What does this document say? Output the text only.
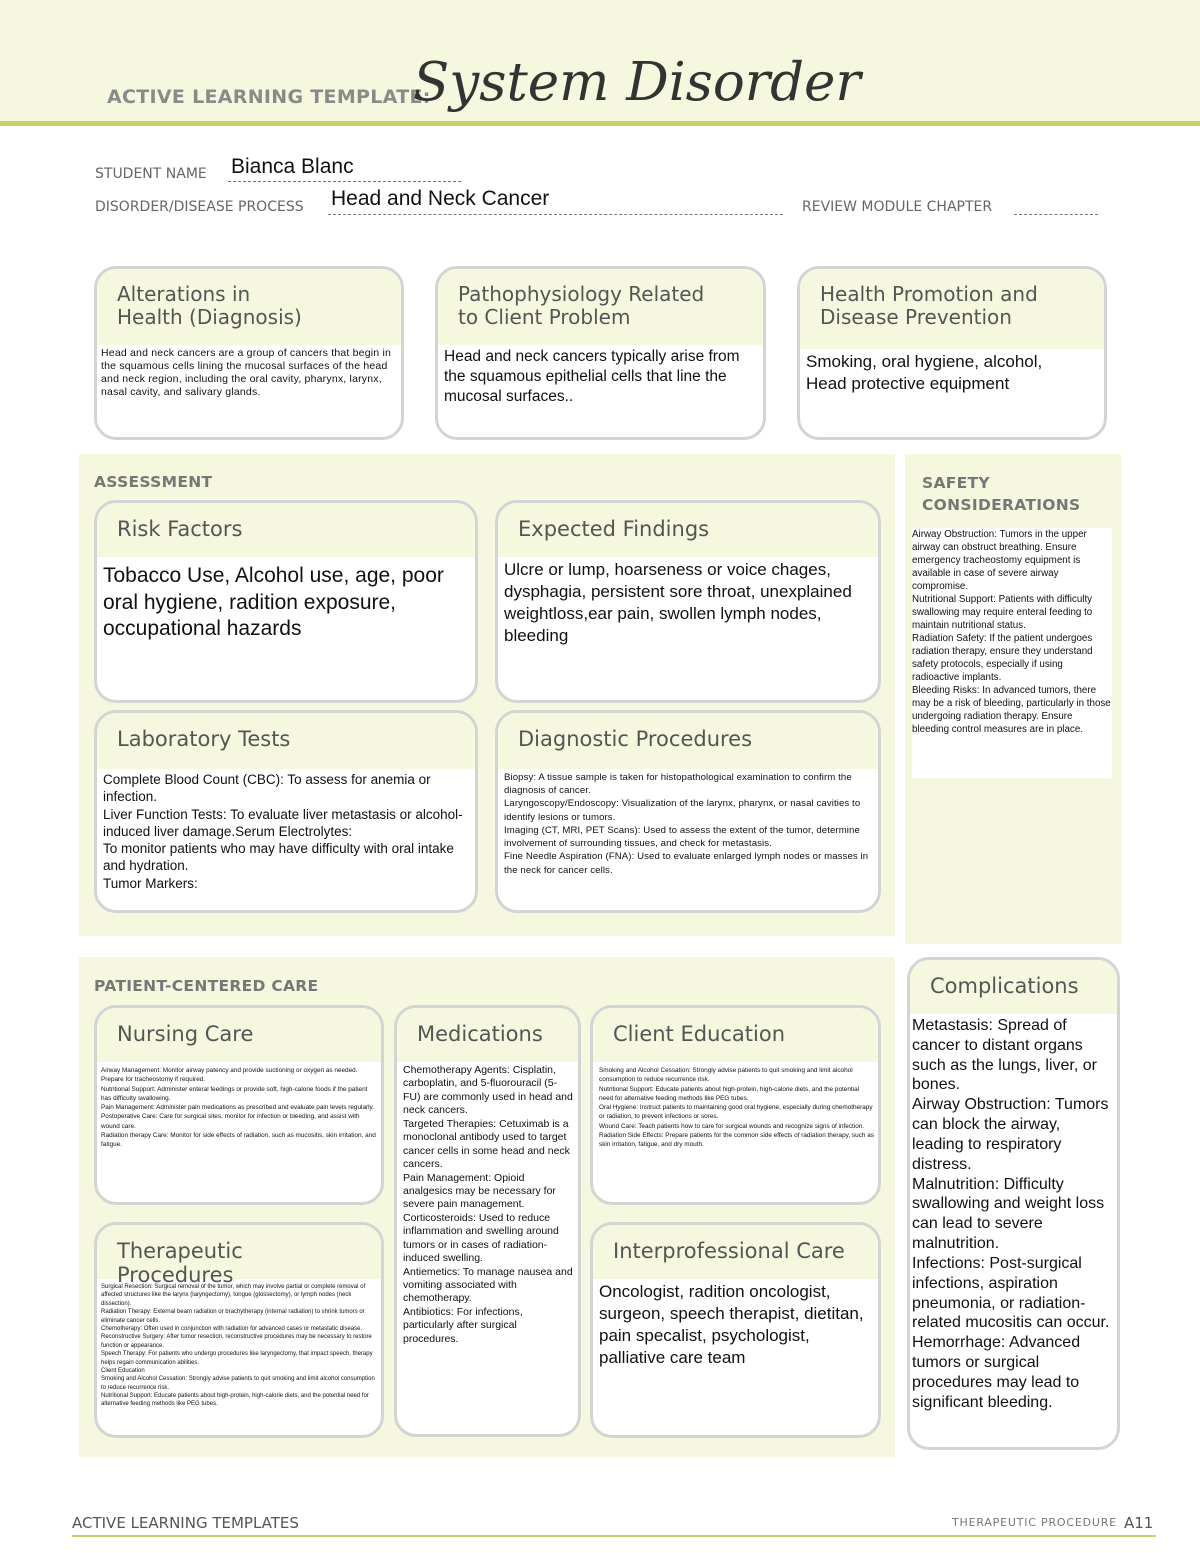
ACTIVE LEARNING TEMPLATE:
System Disorder
STUDENT NAME Bianca Blanc
DISORDER/DISEASE PROCESS Head and Neck Cancer	REVIEW MODULE CHAPTER
Alterations in
Health (Diagnosis)
Head and neck cancers are a group of cancers that begin in the squamous cells lining the mucosal surfaces of the head and neck region, including the oral cavity, pharynx, larynx, nasal cavity, and salivary glands.
Pathophysiology Related
to Client Problem
Head and neck cancers typically arise from the squamous epithelial cells that line the mucosal surfaces..
Health Promotion and
Disease Prevention
Smoking, oral hygiene, alcohol,
Head protective equipment
ASSESSMENT
Risk Factors
Tobacco Use, Alcohol use, age, poor oral hygiene, radition exposure, occupational hazards
Expected Findings
Ulcre or lump, hoarseness or voice chages, dysphagia, persistent sore throat, unexplained weightloss,ear pain, swollen lymph nodes, bleeding
Laboratory Tests
Complete Blood Count (CBC): To assess for anemia or infection.
Liver Function Tests: To evaluate liver metastasis or alcohol-induced liver damage.Serum Electrolytes:
To monitor patients who may have difficulty with oral intake and hydration.
Tumor Markers:
Diagnostic Procedures
Biopsy: A tissue sample is taken for histopathological examination to confirm the diagnosis of cancer.
Laryngoscopy/Endoscopy: Visualization of the larynx, pharynx, or nasal cavities to identify lesions or tumors.
Imaging (CT, MRI, PET Scans): Used to assess the extent of the tumor, determine involvement of surrounding tissues, and check for metastasis.
Fine Needle Aspiration (FNA): Used to evaluate enlarged lymph nodes or masses in the neck for cancer cells.
SAFETY
CONSIDERATIONS
Airway Obstruction: Tumors in the upper airway can obstruct breathing. Ensure emergency tracheostomy equipment is available in case of severe airway compromise.
Nutritional Support: Patients with difficulty swallowing may require enteral feeding to maintain nutritional status.
Radiation Safety: If the patient undergoes radiation therapy, ensure they understand safety protocols, especially if using radioactive implants.
Bleeding Risks: In advanced tumors, there may be a risk of bleeding, particularly in those undergoing radiation therapy. Ensure bleeding control measures are in place.
PATIENT-CENTERED CARE
Nursing Care
Airway Management: Monitor airway patency and provide suctioning or oxygen as needed. Prepare for tracheostomy if required.
Nutritional Support: Administer enteral feedings or provide soft, high-calorie foods if the patient has difficulty swallowing.
Pain Management: Administer pain medications as prescribed and evaluate pain levels regularly.
Postoperative Care: Care for surgical sites, monitor for infection or bleeding, and assist with wound care.
Radiation therapy Care: Monitor for side effects of radiation, such as mucositis, skin irritation, and fatigue.
Medications
Chemotherapy Agents: Cisplatin, carboplatin, and 5-fluorouracil (5-FU) are commonly used in head and neck cancers.
Targeted Therapies: Cetuximab is a monoclonal antibody used to target cancer cells in some head and neck cancers.
Pain Management: Opioid analgesics may be necessary for severe pain management.
Corticosteroids: Used to reduce inflammation and swelling around tumors or in cases of radiation-induced swelling.
Antiemetics: To manage nausea and vomiting associated with chemotherapy.
Antibiotics: For infections, particularly after surgical procedures.
Client Education
Smoking and Alcohol Cessation: Strongly advise patients to quit smoking and limit alcohol consumption to reduce recurrence risk.
Nutritional Support: Educate patients about high-protein, high-calorie diets, and the potential need for alternative feeding methods like PEG tubes.
Oral Hygiene: Instruct patients to maintaining good oral hygiene, especially during chemotherapy or radiation, to prevent infections or sores.
Wound Care: Teach patients how to care for surgical wounds and recognize signs of infection.
Radiation Side Effects: Prepare patients for the common side effects of radiation therapy, such as skin irritation, fatigue, and dry mouth.
Therapeutic Procedures
Surgical Resection: Surgical removal of the tumor, which may involve partial or complete removal of affected structures like the larynx (laryngectomy), tongue (glossectomy), or lymph nodes (neck dissection).
Radiation Therapy: External beam radiation or brachytherapy (internal radiation) to shrink tumors or eliminate cancer cells.
Chemotherapy: Often used in conjunction with radiation for advanced cases or metastatic disease.
Reconstructive Surgery: After tumor resection, reconstructive procedures may be necessary to restore function or appearance.
Speech Therapy: For patients who undergo procedures like laryngectomy, that impact speech, therapy helps regain communication abilities.
Client Education
Smoking and Alcohol Cessation: Strongly advise patients to quit smoking and limit alcohol consumption to reduce recurrence risk.
Nutritional Support: Educate patients about high-protein, high-calorie diets, and the potential need for alternative feeding methods like PEG tubes.
Interprofessional Care
Oncologist, radition oncologist, surgeon, speech therapist, dietitan, pain specalist, psychologist, palliative care team
Complications
Metastasis: Spread of cancer to distant organs such as the lungs, liver, or bones.
Airway Obstruction: Tumors can block the airway, leading to respiratory distress.
Malnutrition: Difficulty swallowing and weight loss can lead to severe malnutrition.
Infections: Post-surgical infections, aspiration pneumonia, or radiation-related mucositis can occur.
Hemorrhage: Advanced tumors or surgical procedures may lead to significant bleeding.
ACTIVE LEARNING TEMPLATES	THERAPEUTIC PROCEDURE A11
